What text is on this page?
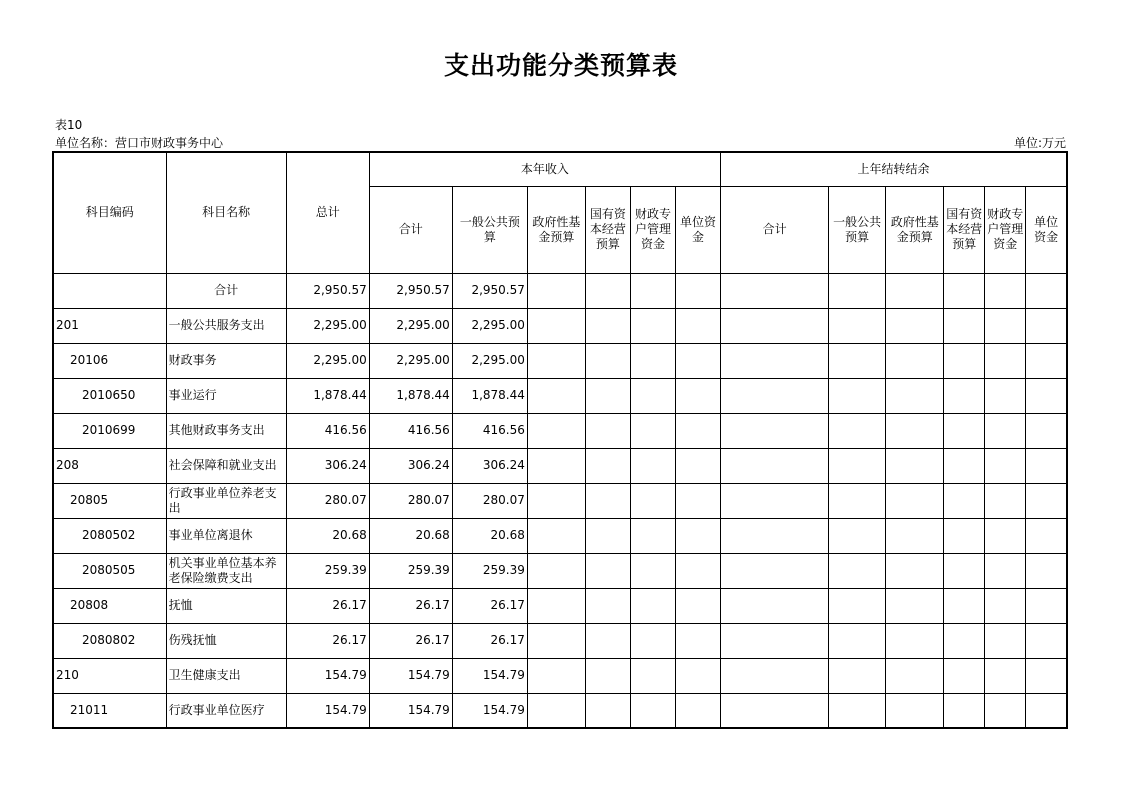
支出功能分类预算表
表10
单位名称：营口市财政事务中心	单位:万元
科目编码	科目名称	总计	本年收入						上年结转结余					
			合计	一般公共预算	政府性基金预算	国有资本经营预算	财政专户管理资金	单位资金	合计	一般公共预算	政府性基金预算	国有资本经营预算	财政专户管理资金	单位资金
	合计	2,950.57	2,950.57	2,950.57										
201	一般公共服务支出	2,295.00	2,295.00	2,295.00										
20106	财政事务	2,295.00	2,295.00	2,295.00										
2010650	事业运行	1,878.44	1,878.44	1,878.44										
2010699	其他财政事务支出	416.56	416.56	416.56										
208	社会保障和就业支出	306.24	306.24	306.24										
20805	行政事业单位养老支出	280.07	280.07	280.07										
2080502	事业单位离退休	20.68	20.68	20.68										
2080505	机关事业单位基本养老保险缴费支出	259.39	259.39	259.39										
20808	抚恤	26.17	26.17	26.17										
2080802	伤残抚恤	26.17	26.17	26.17										
210	卫生健康支出	154.79	154.79	154.79										
21011	行政事业单位医疗	154.79	154.79	154.79										
